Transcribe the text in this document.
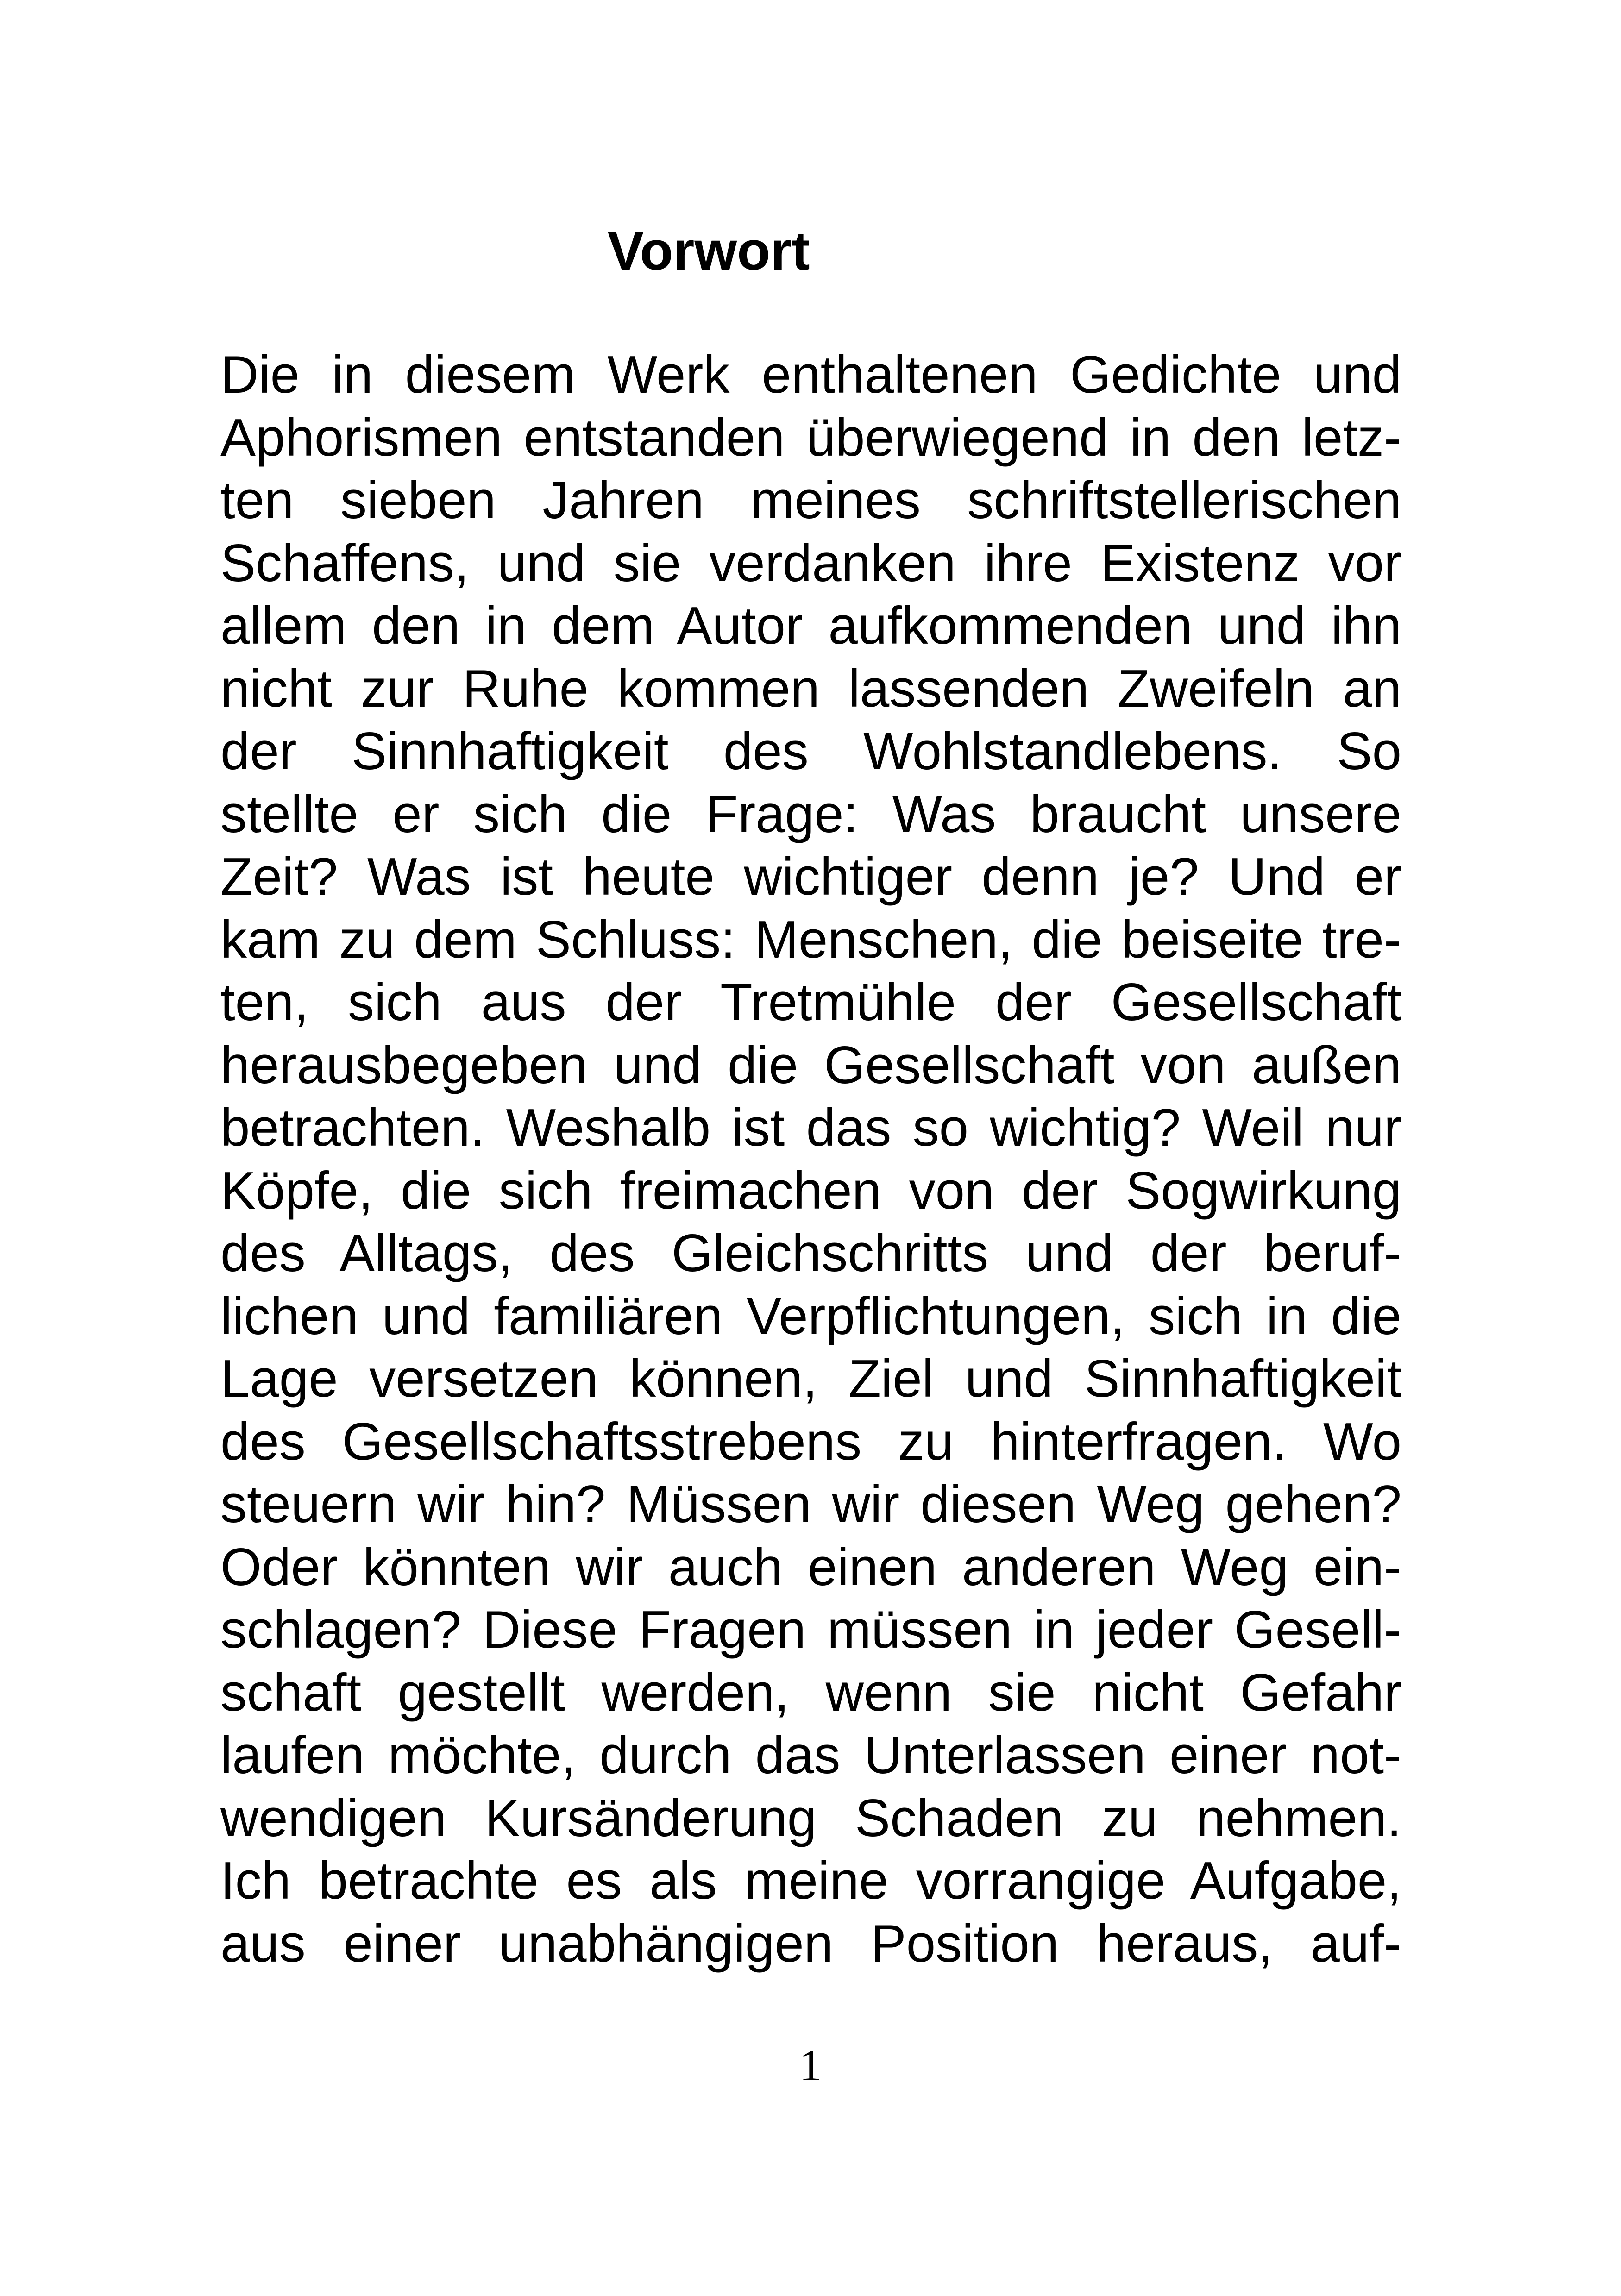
Vorwort
Die in diesem Werk enthaltenen Gedichte und
Aphorismen entstanden überwiegend in den letz-
ten sieben Jahren meines schriftstellerischen
Schaffens, und sie verdanken ihre Existenz vor
allem den in dem Autor aufkommenden und ihn
nicht zur Ruhe kommen lassenden Zweifeln an
der Sinnhaftigkeit des Wohlstandlebens. So
stellte er sich die Frage: Was braucht unsere
Zeit? Was ist heute wichtiger denn je? Und er
kam zu dem Schluss: Menschen, die beiseite tre-
ten, sich aus der Tretmühle der Gesellschaft
herausbegeben und die Gesellschaft von außen
betrachten. Weshalb ist das so wichtig? Weil nur
Köpfe, die sich freimachen von der Sogwirkung
des Alltags, des Gleichschritts und der beruf-
lichen und familiären Verpflichtungen, sich in die
Lage versetzen können, Ziel und Sinnhaftigkeit
des Gesellschaftsstrebens zu hinterfragen. Wo
steuern wir hin? Müssen wir diesen Weg gehen?
Oder könnten wir auch einen anderen Weg ein-
schlagen? Diese Fragen müssen in jeder Gesell-
schaft gestellt werden, wenn sie nicht Gefahr
laufen möchte, durch das Unterlassen einer not-
wendigen Kursänderung Schaden zu nehmen.
Ich betrachte es als meine vorrangige Aufgabe,
aus einer unabhängigen Position heraus, auf-
1
